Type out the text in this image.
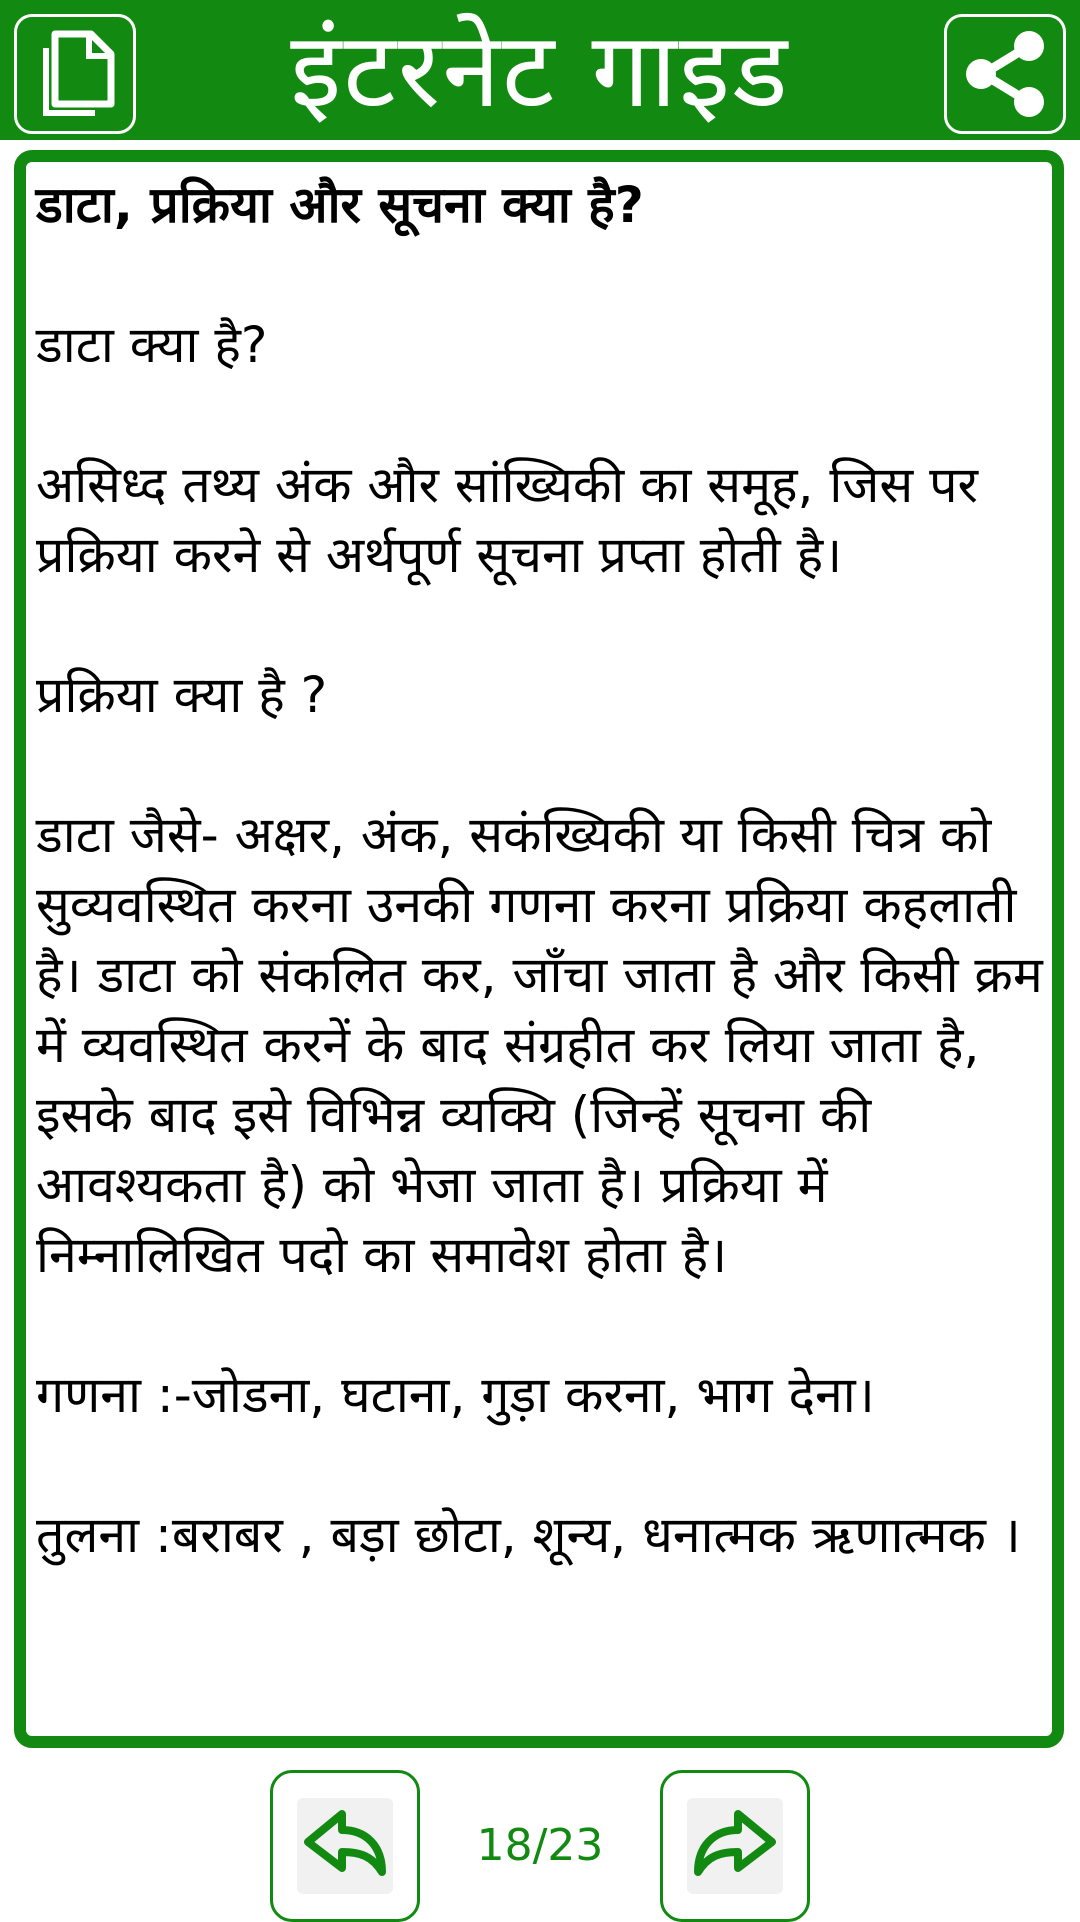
इंटरनेट गाइड
डाटा, प्रक्रिया और सूचना क्या है?
डाटा क्या है?
असिध्द तथ्य अंक और सांख्यिकी का समूह, जिस पर प्रक्रिया करने से अर्थपूर्ण सूचना प्रप्ता होती है।
प्रक्रिया क्या है ?
डाटा जैसे- अक्षर, अंक, सकंख्यिकी या किसी चित्र को सुव्यवस्थित करना उनकी गणना करना प्रक्रिया कहलाती है। डाटा को संकलित कर, जाँचा जाता है और किसी क्रम में व्यवस्थित करनें के बाद संग्रहीत कर लिया जाता है, इसके बाद इसे विभिन्न व्यक्यि (जिन्हें सूचना की आवश्यकता है) को भेजा जाता है। प्रक्रिया में निम्नालिखित पदो का समावेश होता है।
गणना :-जोडना, घटाना, गुड़ा करना, भाग देना।
तुलना :बराबर , बड़ा छोटा, शून्य, धनात्मक ऋणात्मक ।
18/23
